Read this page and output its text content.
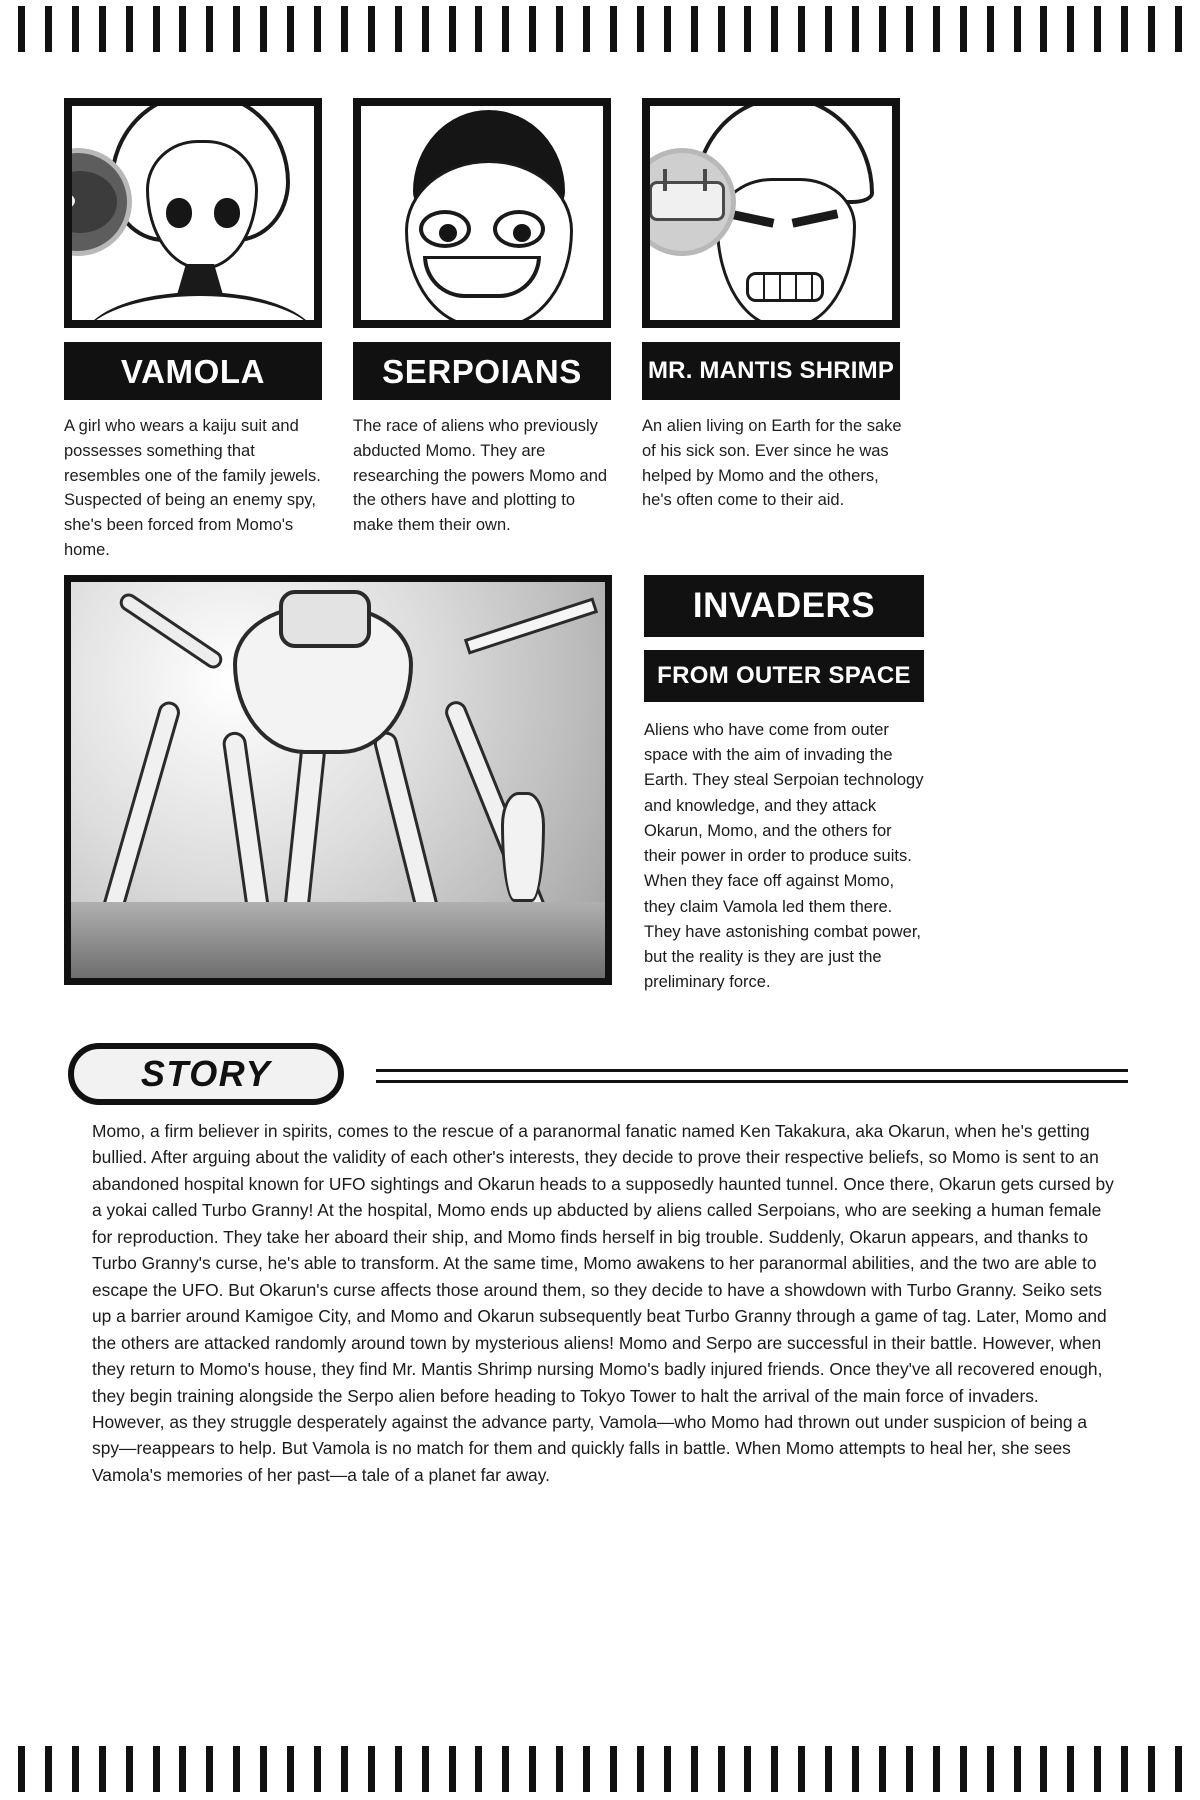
VAMOLA
A girl who wears a kaiju suit and possesses something that resembles one of the family jewels. Suspected of being an enemy spy, she's been forced from Momo's home.
SERPOIANS
The race of aliens who previously abducted Momo. They are researching the powers Momo and the others have and plotting to make them their own.
MR. MANTIS SHRIMP
An alien living on Earth for the sake of his sick son. Ever since he was helped by Momo and the others, he's often come to their aid.
INVADERS
FROM OUTER SPACE
Aliens who have come from outer space with the aim of invading the Earth. They steal Serpoian technology and knowledge, and they attack Okarun, Momo, and the others for their power in order to produce suits. When they face off against Momo, they claim Vamola led them there. They have astonishing combat power, but the reality is they are just the preliminary force.
STORY
Momo, a firm believer in spirits, comes to the rescue of a paranormal fanatic named Ken Takakura, aka Okarun, when he's getting bullied. After arguing about the validity of each other's interests, they decide to prove their respective beliefs, so Momo is sent to an abandoned hospital known for UFO sightings and Okarun heads to a supposedly haunted tunnel. Once there, Okarun gets cursed by a yokai called Turbo Granny! At the hospital, Momo ends up abducted by aliens called Serpoians, who are seeking a human female for reproduction. They take her aboard their ship, and Momo finds herself in big trouble. Suddenly, Okarun appears, and thanks to Turbo Granny's curse, he's able to transform. At the same time, Momo awakens to her paranormal abilities, and the two are able to escape the UFO. But Okarun's curse affects those around them, so they decide to have a showdown with Turbo Granny. Seiko sets up a barrier around Kamigoe City, and Momo and Okarun subsequently beat Turbo Granny through a game of tag. Later, Momo and the others are attacked randomly around town by mysterious aliens! Momo and Serpo are successful in their battle. However, when they return to Momo's house, they find Mr. Mantis Shrimp nursing Momo's badly injured friends. Once they've all recovered enough, they begin training alongside the Serpo alien before heading to Tokyo Tower to halt the arrival of the main force of invaders. However, as they struggle desperately against the advance party, Vamola—who Momo had thrown out under suspicion of being a spy—reappears to help. But Vamola is no match for them and quickly falls in battle. When Momo attempts to heal her, she sees Vamola's memories of her past—a tale of a planet far away.
